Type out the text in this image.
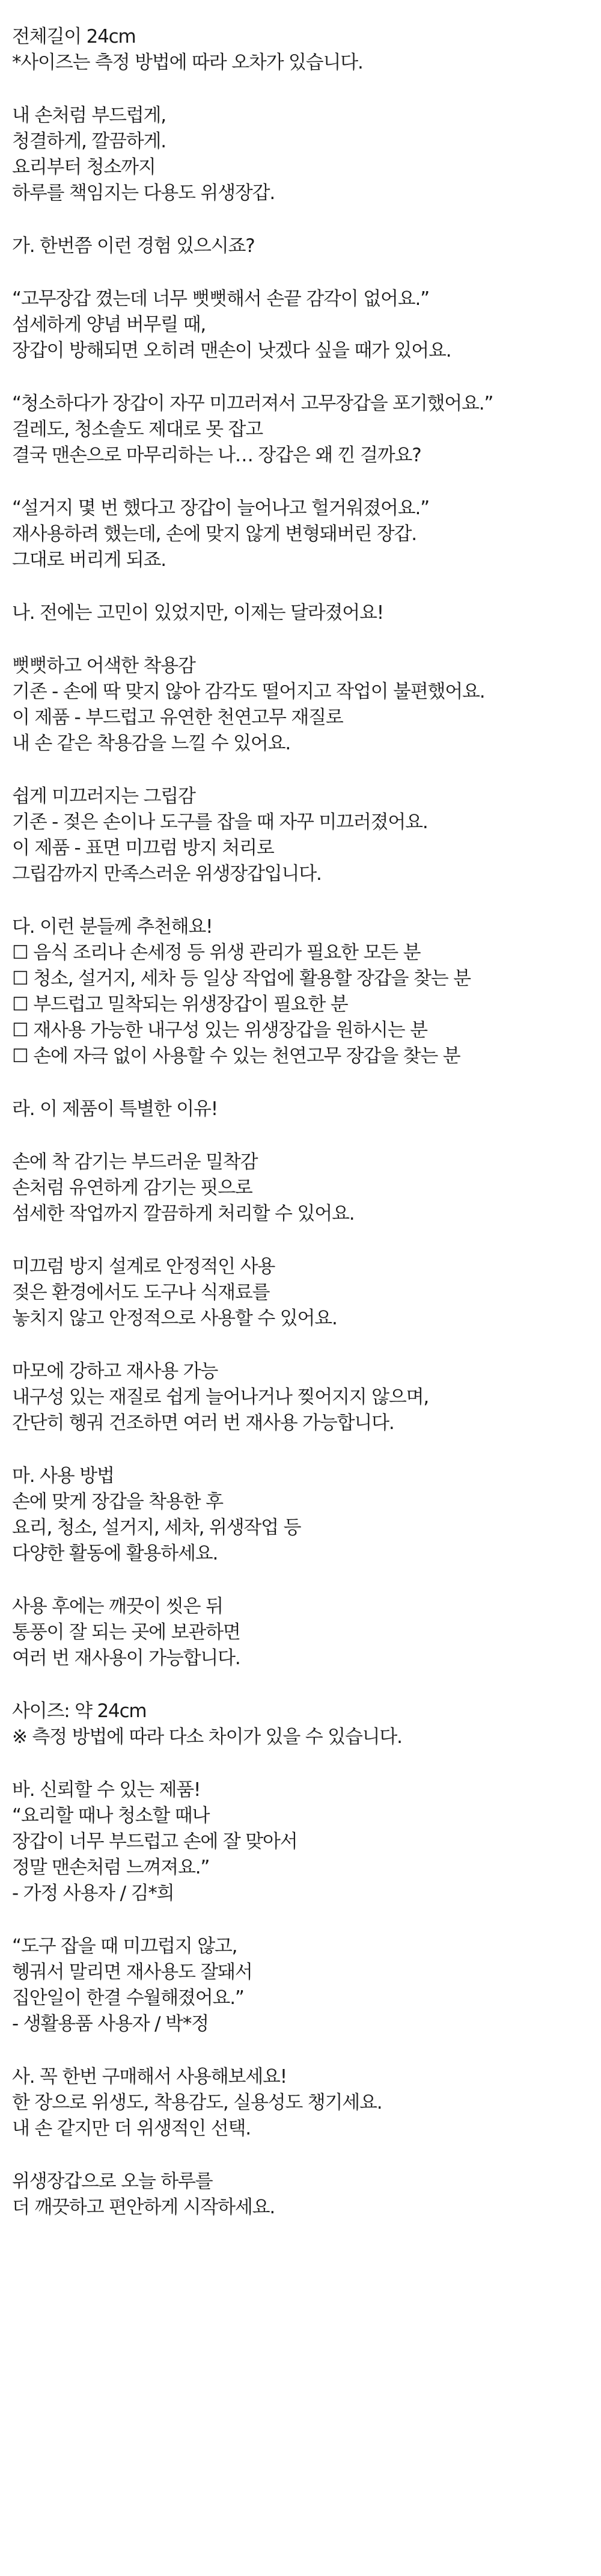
전체길이 24cm
*사이즈는 측정 방법에 따라 오차가 있습니다.
내 손처럼 부드럽게,
청결하게, 깔끔하게.
요리부터 청소까지
하루를 책임지는 다용도 위생장갑.
가. 한번쯤 이런 경험 있으시죠?
“고무장갑 꼈는데 너무 뻣뻣해서 손끝 감각이 없어요.”
섬세하게 양념 버무릴 때,
장갑이 방해되면 오히려 맨손이 낫겠다 싶을 때가 있어요.
“청소하다가 장갑이 자꾸 미끄러져서 고무장갑을 포기했어요.”
걸레도, 청소솔도 제대로 못 잡고
결국 맨손으로 마무리하는 나… 장갑은 왜 낀 걸까요?
“설거지 몇 번 했다고 장갑이 늘어나고 헐거워졌어요.”
재사용하려 했는데, 손에 맞지 않게 변형돼버린 장갑.
그대로 버리게 되죠.
나. 전에는 고민이 있었지만, 이제는 달라졌어요!
뻣뻣하고 어색한 착용감
기존 - 손에 딱 맞지 않아 감각도 떨어지고 작업이 불편했어요.
이 제품 - 부드럽고 유연한 천연고무 재질로
내 손 같은 착용감을 느낄 수 있어요.
쉽게 미끄러지는 그립감
기존 - 젖은 손이나 도구를 잡을 때 자꾸 미끄러졌어요.
이 제품 - 표면 미끄럼 방지 처리로
그립감까지 만족스러운 위생장갑입니다.
다. 이런 분들께 추천해요!
☐ 음식 조리나 손세정 등 위생 관리가 필요한 모든 분
☐ 청소, 설거지, 세차 등 일상 작업에 활용할 장갑을 찾는 분
☐ 부드럽고 밀착되는 위생장갑이 필요한 분
☐ 재사용 가능한 내구성 있는 위생장갑을 원하시는 분
☐ 손에 자극 없이 사용할 수 있는 천연고무 장갑을 찾는 분
라. 이 제품이 특별한 이유!
손에 착 감기는 부드러운 밀착감
손처럼 유연하게 감기는 핏으로
섬세한 작업까지 깔끔하게 처리할 수 있어요.
미끄럼 방지 설계로 안정적인 사용
젖은 환경에서도 도구나 식재료를
놓치지 않고 안정적으로 사용할 수 있어요.
마모에 강하고 재사용 가능
내구성 있는 재질로 쉽게 늘어나거나 찢어지지 않으며,
간단히 헹궈 건조하면 여러 번 재사용 가능합니다.
마. 사용 방법
손에 맞게 장갑을 착용한 후
요리, 청소, 설거지, 세차, 위생작업 등
다양한 활동에 활용하세요.
사용 후에는 깨끗이 씻은 뒤
통풍이 잘 되는 곳에 보관하면
여러 번 재사용이 가능합니다.
사이즈: 약 24cm
※ 측정 방법에 따라 다소 차이가 있을 수 있습니다.
바. 신뢰할 수 있는 제품!
“요리할 때나 청소할 때나
장갑이 너무 부드럽고 손에 잘 맞아서
정말 맨손처럼 느껴져요.”
- 가정 사용자 / 김*희
“도구 잡을 때 미끄럽지 않고,
헹궈서 말리면 재사용도 잘돼서
집안일이 한결 수월해졌어요.”
- 생활용품 사용자 / 박*정
사. 꼭 한번 구매해서 사용해보세요!
한 장으로 위생도, 착용감도, 실용성도 챙기세요.
내 손 같지만 더 위생적인 선택.
위생장갑으로 오늘 하루를
더 깨끗하고 편안하게 시작하세요.
